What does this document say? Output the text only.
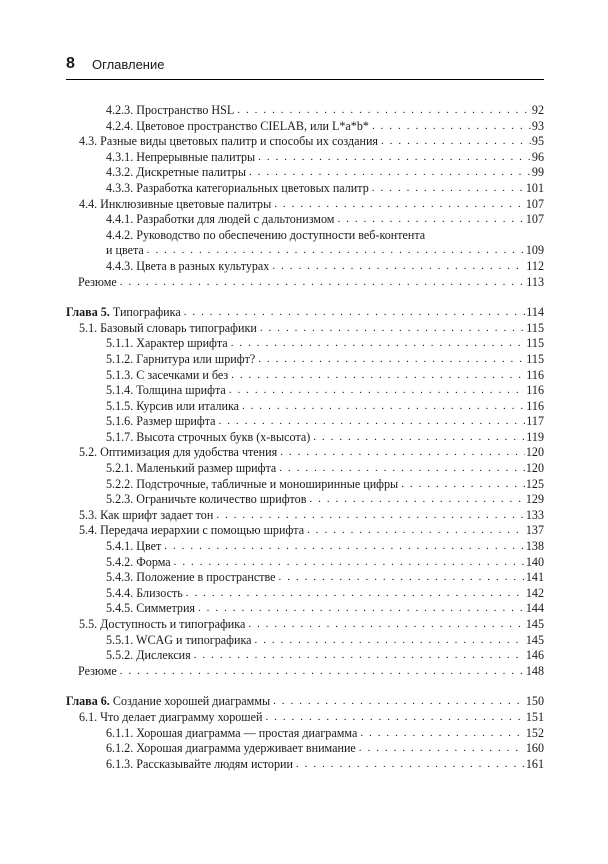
8 Оглавление
4.2.3. Пространство HSL . . .	92
4.2.4. Цветовое пространство CIELAB, или L*a*b* . . .	93
4.3. Разные виды цветовых палитр и способы их создания . . .	95
4.3.1. Непрерывные палитры . . .	96
4.3.2. Дискретные палитры . . .	99
4.3.3. Разработка категориальных цветовых палитр . . .	101
4.4. Инклюзивные цветовые палитры . . .	107
4.4.1. Разработки для людей с дальтонизмом . . .	107
4.4.2. Руководство по обеспечению доступности веб-контента
и цвета . . .	109
4.4.3. Цвета в разных культурах . . .	112
Резюме . . .	113
Глава 5. Типографика . . .	114
5.1. Базовый словарь типографики . . .	115
5.1.1. Характер шрифта . . .	115
5.1.2. Гарнитура или шрифт? . . .	115
5.1.3. С засечками и без . . .	116
5.1.4. Толщина шрифта . . .	116
5.1.5. Курсив или италика . . .	116
5.1.6. Размер шрифта . . .	117
5.1.7. Высота строчных букв (x-высота) . . .	119
5.2. Оптимизация для удобства чтения . . .	120
5.2.1. Маленький размер шрифта . . .	120
5.2.2. Подстрочные, табличные и моноширинные цифры . . .	125
5.2.3. Ограничьте количество шрифтов . . .	129
5.3. Как шрифт задает тон . . .	133
5.4. Передача иерархии с помощью шрифта . . .	137
5.4.1. Цвет . . .	138
5.4.2. Форма . . .	140
5.4.3. Положение в пространстве . . .	141
5.4.4. Близость . . .	142
5.4.5. Симметрия . . .	144
5.5. Доступность и типографика . . .	145
5.5.1. WCAG и типографика . . .	145
5.5.2. Дислексия . . .	146
Резюме . . .	148
Глава 6. Создание хорошей диаграммы . . .	150
6.1. Что делает диаграмму хорошей . . .	151
6.1.1. Хорошая диаграмма — простая диаграмма . . .	152
6.1.2. Хорошая диаграмма удерживает внимание . . .	160
6.1.3. Рассказывайте людям истории . . .	161
